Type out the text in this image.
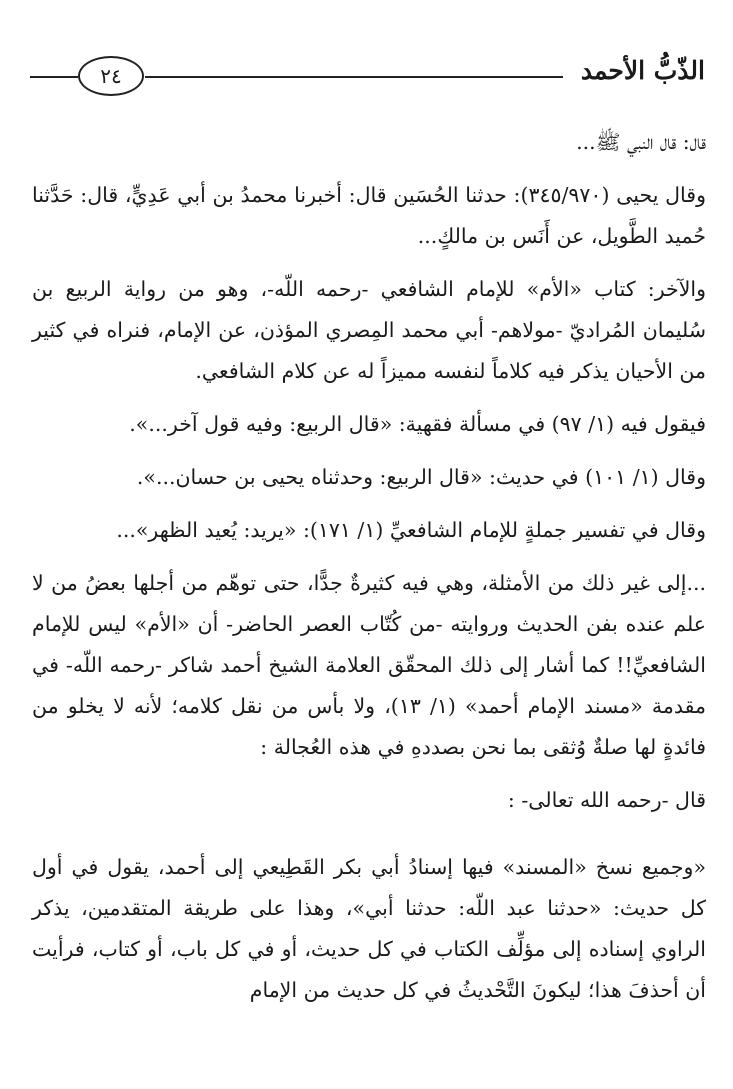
الذّبُّ الأحمد
٢٤

قال: قال النبي ﷺ...

وقال يحيى (٣٤٥/٩٧٠): حدثنا الحُسَين قال: أخبرنا محمدُ بن أبي عَدِيٍّ، قال: حَدَّثنا حُميد الطَّويل، عن أَنَس بن مالكٍ...

والآخر: كتاب «الأم» للإمام الشافعي -رحمه اللّه-، وهو من رواية الربيع بن سُليمان المُراديّ -مولاهم- أبي محمد المِصري المؤذن، عن الإمام، فنراه في كثير من الأحيان يذكر فيه كلاماً لنفسه مميزاً له عن كلام الشافعي.

فيقول فيه (١/ ٩٧) في مسألة فقهية: «قال الربيع: وفيه قول آخر...».

وقال (١/ ١٠١) في حديث: «قال الربيع: وحدثناه يحيى بن حسان...».

وقال في تفسير جملةٍ للإمام الشافعيِّ (١/ ١٧١): «يريد: يُعيد الظهر»...

...إلى غير ذلك من الأمثلة، وهي فيه كثيرةٌ جدًّا، حتى توهّم من أجلها بعضُ من لا علم عنده بفن الحديث وروايته -من كُتّاب العصر الحاضر- أن «الأم» ليس للإمام الشافعيِّ!! كما أشار إلى ذلك المحقّق العلامة الشيخ أحمد شاكر -رحمه اللّه- في مقدمة «مسند الإمام أحمد» (١/ ١٣)، ولا بأس من نقل كلامه؛ لأنه لا يخلو من فائدةٍ لها صلةٌ وُثقى بما نحن بصددهِ في هذه العُجالة :

قال -رحمه الله تعالى- :

«وجميع نسخ «المسند» فيها إسنادُ أبي بكر القَطِيعي إلى أحمد، يقول في أول كل حديث: «حدثنا عبد اللّه: حدثنا أبي»، وهذا على طريقة المتقدمين، يذكر الراوي إسناده إلى مؤلِّف الكتاب في كل حديث، أو في كل باب، أو كتاب، فرأيت أن أحذفَ هذا؛ ليكونَ التَّحْديثُ في كل حديث من الإمام
